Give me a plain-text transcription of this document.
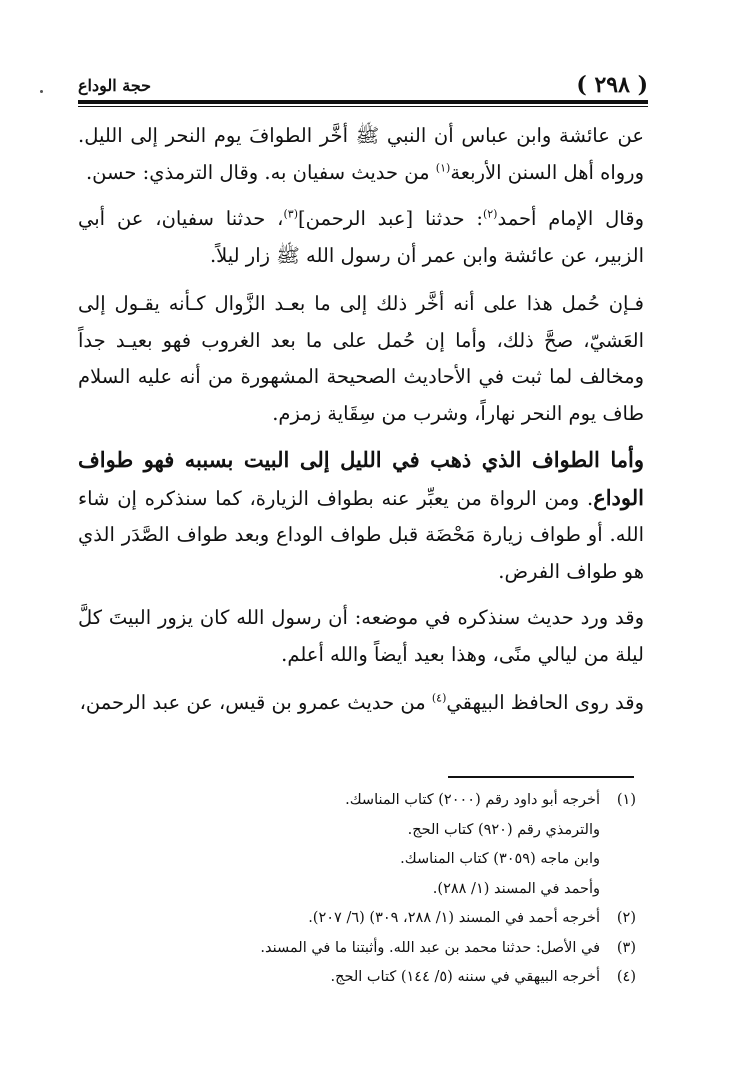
( ٢٩٨ )
حجة الوداع

عن عائشة وابن عباس أن النبي ﷺ أخَّر الطوافَ يوم النحر إلى الليل. ورواه أهل السنن الأربعة$^{(١)}$ من حديث سفيان به. وقال الترمذي: حسن.

وقال الإمام أحمد$^{(٢)}$: حدثنا [عبد الرحمن]$^{(٣)}$، حدثنا سفيان، عن أبي الزبير، عن عائشة وابن عمر أن رسول الله ﷺ زار ليلاً.

فـإن حُمل هذا على أنه أخَّر ذلك إلى ما بعـد الزَّوال كـأنه يقـول إلى العَشيّ، صحَّ ذلك، وأما إن حُمل على ما بعد الغروب فهو بعيـد جداً ومخالف لما ثبت في الأحاديث الصحيحة المشهورة من أنه عليه السلام طاف يوم النحر نهاراً، وشرب من سِقَاية زمزم.

وأما الطواف الذي ذهب في الليل إلى البيت بسببه فهو طواف الوداع. ومن الرواة من يعبِّر عنه بطواف الزيارة، كما سنذكره إن شاء الله. أو طواف زيارة مَحْضَة قبل طواف الوداع وبعد طواف الصَّدَر الذي هو طواف الفرض.

وقد ورد حديث سنذكره في موضعه: أن رسول الله كان يزور البيتَ كلَّ ليلة من ليالي منًى، وهذا بعيد أيضاً والله أعلم.

وقد روى الحافظ البيهقي$^{(٤)}$ من حديث عمرو بن قيس، عن عبد الرحمن،

(١)
أخرجه أبو داود رقم (٢٠٠٠) كتاب المناسك.
والترمذي رقم (٩٢٠) كتاب الحج.
وابن ماجه (٣٠٥٩) كتاب المناسك.
وأحمد في المسند (١/ ٢٨٨).
(٢)
أخرجه أحمد في المسند (١/ ٢٨٨، ٣٠٩) (٦/ ٢٠٧).
(٣)
في الأصل: حدثنا محمد بن عبد الله. وأثبتنا ما في المسند.
(٤)
أخرجه البيهقي في سننه (٥/ ١٤٤) كتاب الحج.
